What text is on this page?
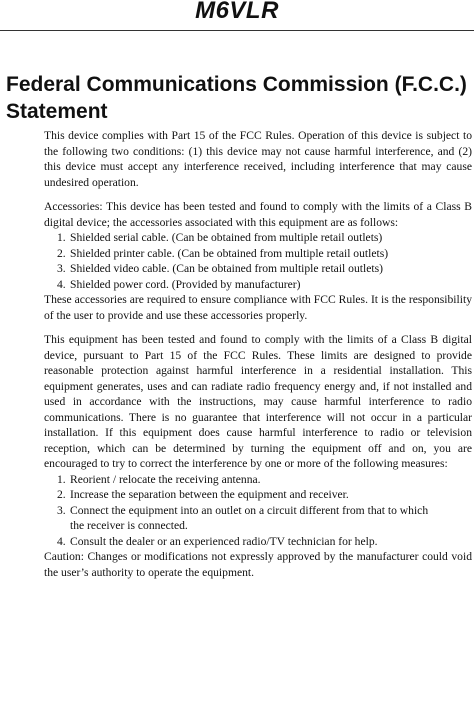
M6VLR
Federal Communications Commission (F.C.C.) Statement

This device complies with Part 15 of the FCC Rules. Operation of this device is subject to the following two conditions: (1) this device may not cause harmful interference, and (2) this device must accept any interference received, including interference that may cause undesired operation.

Accessories: This device has been tested and found to comply with the limits of a Class B digital device; the accessories associated with this equipment are as follows:

1. Shielded serial cable. (Can be obtained from multiple retail outlets)
2. Shielded printer cable. (Can be obtained from multiple retail outlets)
3. Shielded video cable. (Can be obtained from multiple retail outlets)
4. Shielded power cord. (Provided by manufacturer)

These accessories are required to ensure compliance with FCC Rules. It is the responsibility of the user to provide and use these accessories properly.

This equipment has been tested and found to comply with the limits of a Class B digital device, pursuant to Part 15 of the FCC Rules. These limits are designed to provide reasonable protection against harmful interference in a residential installation. This equipment generates, uses and can radiate radio frequency energy and, if not installed and used in accordance with the instructions, may cause harmful interference to radio communications. There is no guarantee that interference will not occur in a particular installation. If this equipment does cause harmful interference to radio or television reception, which can be determined by turning the equipment off and on, you are encouraged to try to correct the interference by one or more of the following measures:

1. Reorient / relocate the receiving antenna.
2. Increase the separation between the equipment and receiver.
3. Connect the equipment into an outlet on a circuit different from that to which
the receiver is connected.
4. Consult the dealer or an experienced radio/TV technician for help.

Caution: Changes or modifications not expressly approved by the manufacturer could void the user’s authority to operate the equipment.
